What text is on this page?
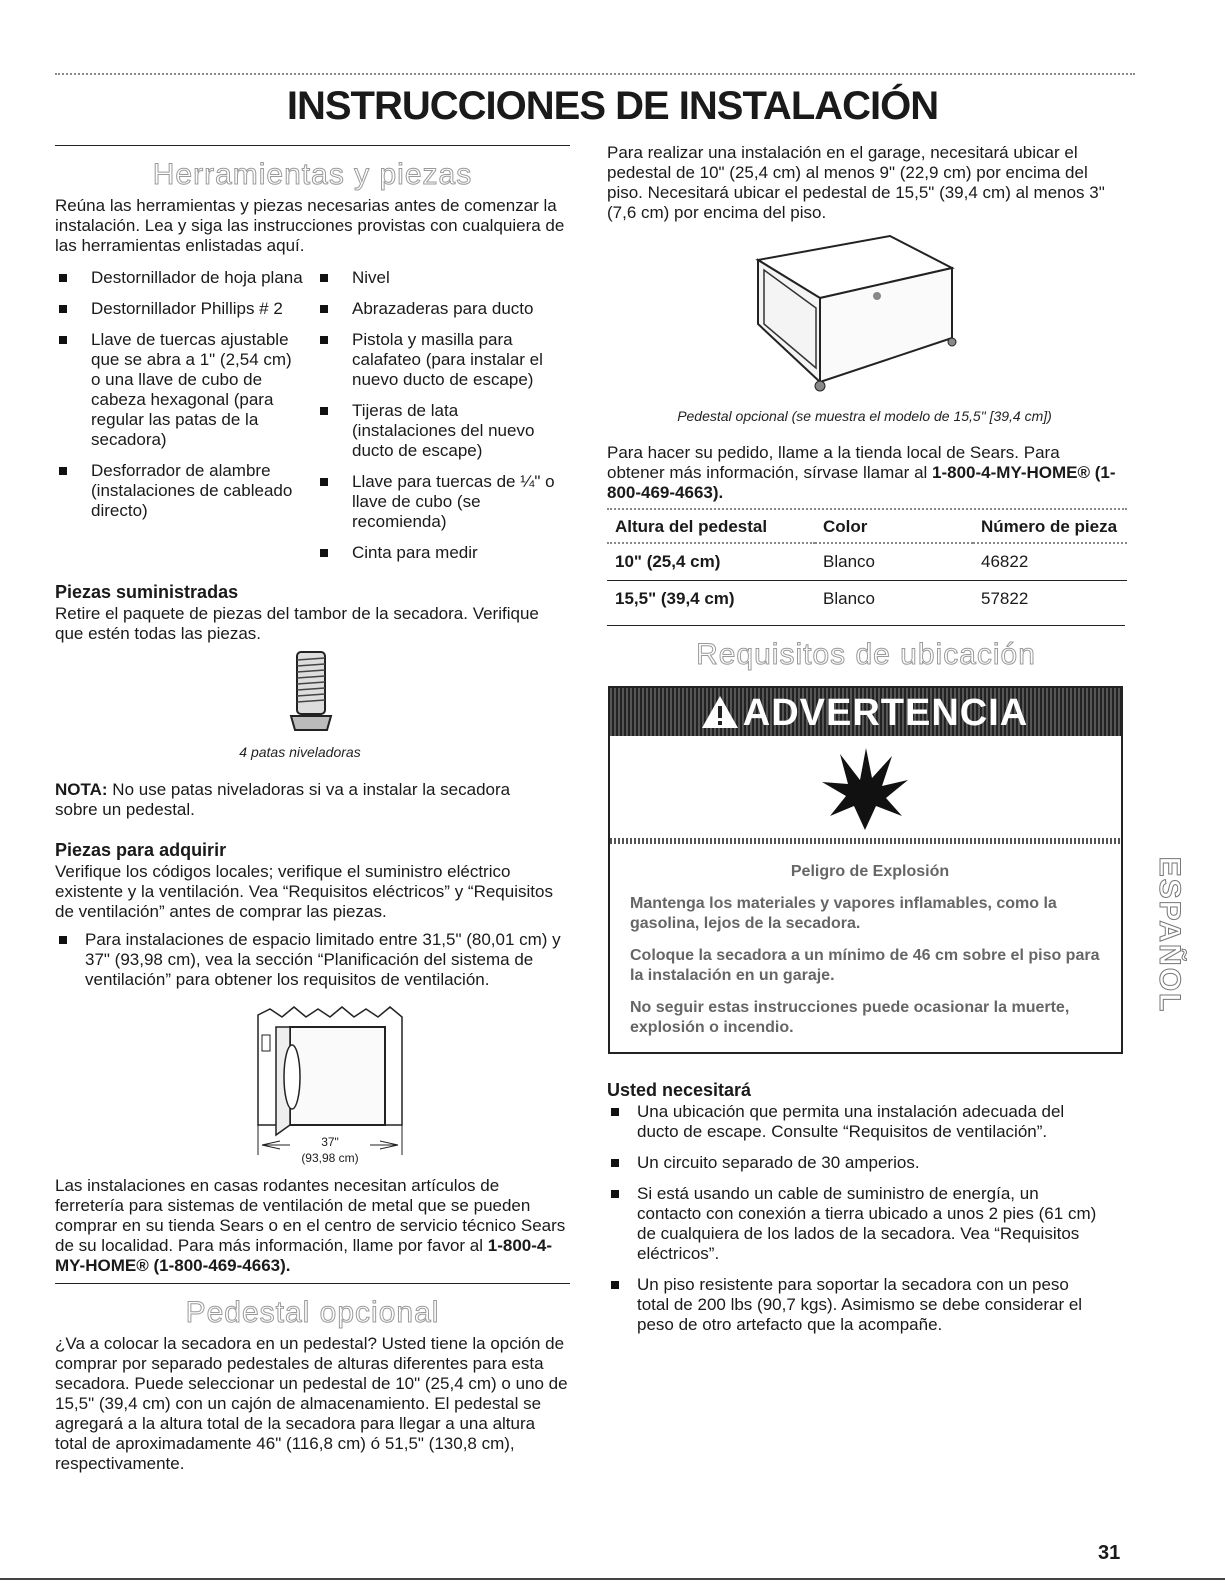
INSTRUCCIONES DE INSTALACIÓN
Herramientas y piezas

Reúna las herramientas y piezas necesarias antes de comenzar la instalación. Lea y siga las instrucciones provistas con cualquiera de las herramientas enlistadas aquí.

Destornillador de hoja plana
Destornillador Phillips # 2
Llave de tuercas ajustable que se abra a 1" (2,54 cm) o una llave de cubo de cabeza hexagonal (para regular las patas de la secadora)
Desforrador de alambre (instalaciones de cableado directo)
Nivel
Abrazaderas para ducto
Pistola y masilla para calafateo (para instalar el nuevo ducto de escape)
Tijeras de lata (instalaciones del nuevo ducto de escape)
Llave para tuercas de ¼" o llave de cubo (se recomienda)
Cinta para medir
Piezas suministradas

Retire el paquete de piezas del tambor de la secadora. Verifique que estén todas las piezas.

4 patas niveladoras

NOTA: No use patas niveladoras si va a instalar la secadora sobre un pedestal.

Piezas para adquirir

Verifique los códigos locales; verifique el suministro eléctrico existente y la ventilación. Vea “Requisitos eléctricos” y “Requisitos de ventilación” antes de comprar las piezas.

Para instalaciones de espacio limitado entre 31,5" (80,01 cm) y 37" (93,98 cm), vea la sección “Planificación del sistema de ventilación” para obtener los requisitos de ventilación.
37"
(93,98 cm)

Las instalaciones en casas rodantes necesitan artículos de ferretería para sistemas de ventilación de metal que se pueden comprar en su tienda Sears o en el centro de servicio técnico Sears de su localidad. Para más información, llame por favor al 1-800-4-MY-HOME® (1-800-469-4663).

Pedestal opcional

¿Va a colocar la secadora en un pedestal? Usted tiene la opción de comprar por separado pedestales de alturas diferentes para esta secadora. Puede seleccionar un pedestal de 10" (25,4 cm) o uno de 15,5" (39,4 cm) con un cajón de almacenamiento. El pedestal se agregará a la altura total de la secadora para llegar a una altura total de aproximadamente 46" (116,8 cm) ó 51,5" (130,8 cm), respectivamente.

Para realizar una instalación en el garage, necesitará ubicar el pedestal de 10" (25,4 cm) al menos 9" (22,9 cm) por encima del piso. Necesitará ubicar el pedestal de 15,5" (39,4 cm) al menos 3" (7,6 cm) por encima del piso.

Pedestal opcional (se muestra el modelo de 15,5" [39,4 cm])

Para hacer su pedido, llame a la tienda local de Sears. Para obtener más información, sírvase llamar al 1-800-4-MY-HOME® (1-800-469-4663).

Altura del pedestal	Color	Número de pieza
10" (25,4 cm)	Blanco	46822
15,5" (39,4 cm)	Blanco	57822
Requisitos de ubicación
ADVERTENCIA
Peligro de Explosión
Mantenga los materiales y vapores inflamables, como la gasolina, lejos de la secadora.
Coloque la secadora a un mínimo de 46 cm sobre el piso para la instalación en un garaje.
No seguir estas instrucciones puede ocasionar la muerte, explosión o incendio.
Usted necesitará
Una ubicación que permita una instalación adecuada del ducto de escape. Consulte “Requisitos de ventilación”.
Un circuito separado de 30 amperios.
Si está usando un cable de suministro de energía, un contacto con conexión a tierra ubicado a unos 2 pies (61 cm) de cualquiera de los lados de la secadora. Vea “Requisitos eléctricos”.
Un piso resistente para soportar la secadora con un peso total de 200 lbs (90,7 kgs). Asimismo se debe considerar el peso de otro artefacto que la acompañe.
ESPAÑOL
31
